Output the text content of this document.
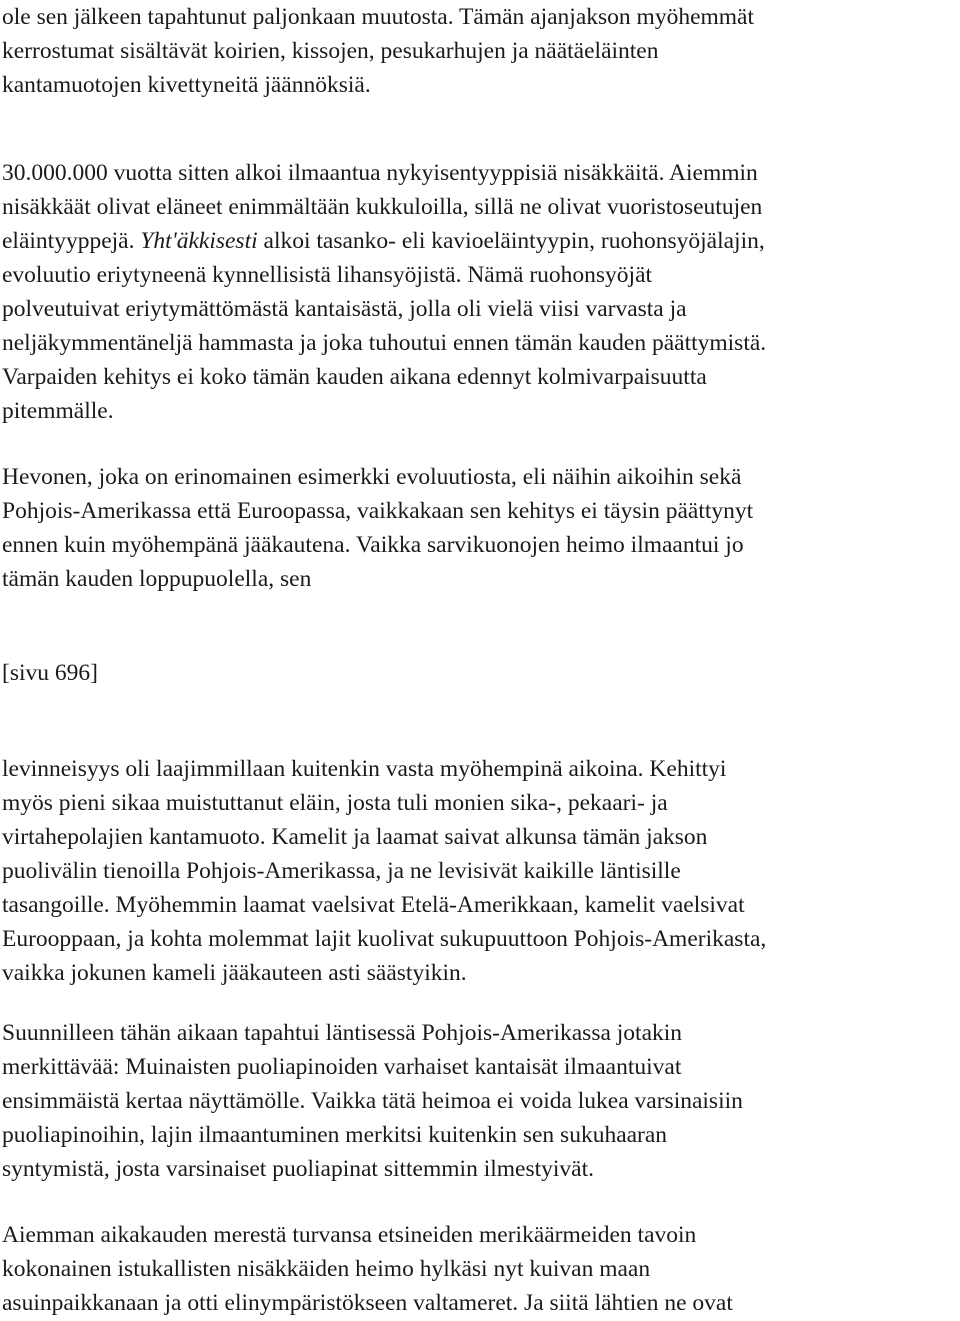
ole sen jälkeen tapahtunut paljonkaan muutosta. Tämän ajanjakson myöhemmät
kerrostumat sisältävät koirien, kissojen, pesukarhujen ja näätäeläinten
kantamuotojen kivettyneitä jäännöksiä.
30.000.000 vuotta sitten alkoi ilmaantua nykyisentyyppisiä nisäkkäitä. Aiemmin
nisäkkäät olivat eläneet enimmältään kukkuloilla, sillä ne olivat vuoristoseutujen
eläintyyppejä. Yht'äkkisesti alkoi tasanko- eli kavioeläintyypin, ruohonsyöjälajin,
evoluutio eriytyneenä kynnellisistä lihansyöjistä. Nämä ruohonsyöjät
polveutuivat eriytymättömästä kantaisästä, jolla oli vielä viisi varvasta ja
neljäkymmentäneljä hammasta ja joka tuhoutui ennen tämän kauden päättymistä.
Varpaiden kehitys ei koko tämän kauden aikana edennyt kolmivarpaisuutta
pitemmälle.
Hevonen, joka on erinomainen esimerkki evoluutiosta, eli näihin aikoihin sekä
Pohjois-Amerikassa että Euroopassa, vaikkakaan sen kehitys ei täysin päättynyt
ennen kuin myöhempänä jääkautena. Vaikka sarvikuonojen heimo ilmaantui jo
tämän kauden loppupuolella, sen
[sivu 696]
levinneisyys oli laajimmillaan kuitenkin vasta myöhempinä aikoina. Kehittyi
myös pieni sikaa muistuttanut eläin, josta tuli monien sika-, pekaari- ja
virtahepolajien kantamuoto. Kamelit ja laamat saivat alkunsa tämän jakson
puolivälin tienoilla Pohjois-Amerikassa, ja ne levisivät kaikille läntisille
tasangoille. Myöhemmin laamat vaelsivat Etelä-Amerikkaan, kamelit vaelsivat
Eurooppaan, ja kohta molemmat lajit kuolivat sukupuuttoon Pohjois-Amerikasta,
vaikka jokunen kameli jääkauteen asti säästyikin.
Suunnilleen tähän aikaan tapahtui läntisessä Pohjois-Amerikassa jotakin
merkittävää: Muinaisten puoliapinoiden varhaiset kantaisät ilmaantuivat
ensimmäistä kertaa näyttämölle. Vaikka tätä heimoa ei voida lukea varsinaisiin
puoliapinoihin, lajin ilmaantuminen merkitsi kuitenkin sen sukuhaaran
syntymistä, josta varsinaiset puoliapinat sittemmin ilmestyivät.
Aiemman aikakauden merestä turvansa etsineiden merikäärmeiden tavoin
kokonainen istukallisten nisäkkäiden heimo hylkäsi nyt kuivan maan
asuinpaikkanaan ja otti elinympäristökseen valtameret. Ja siitä lähtien ne ovat
